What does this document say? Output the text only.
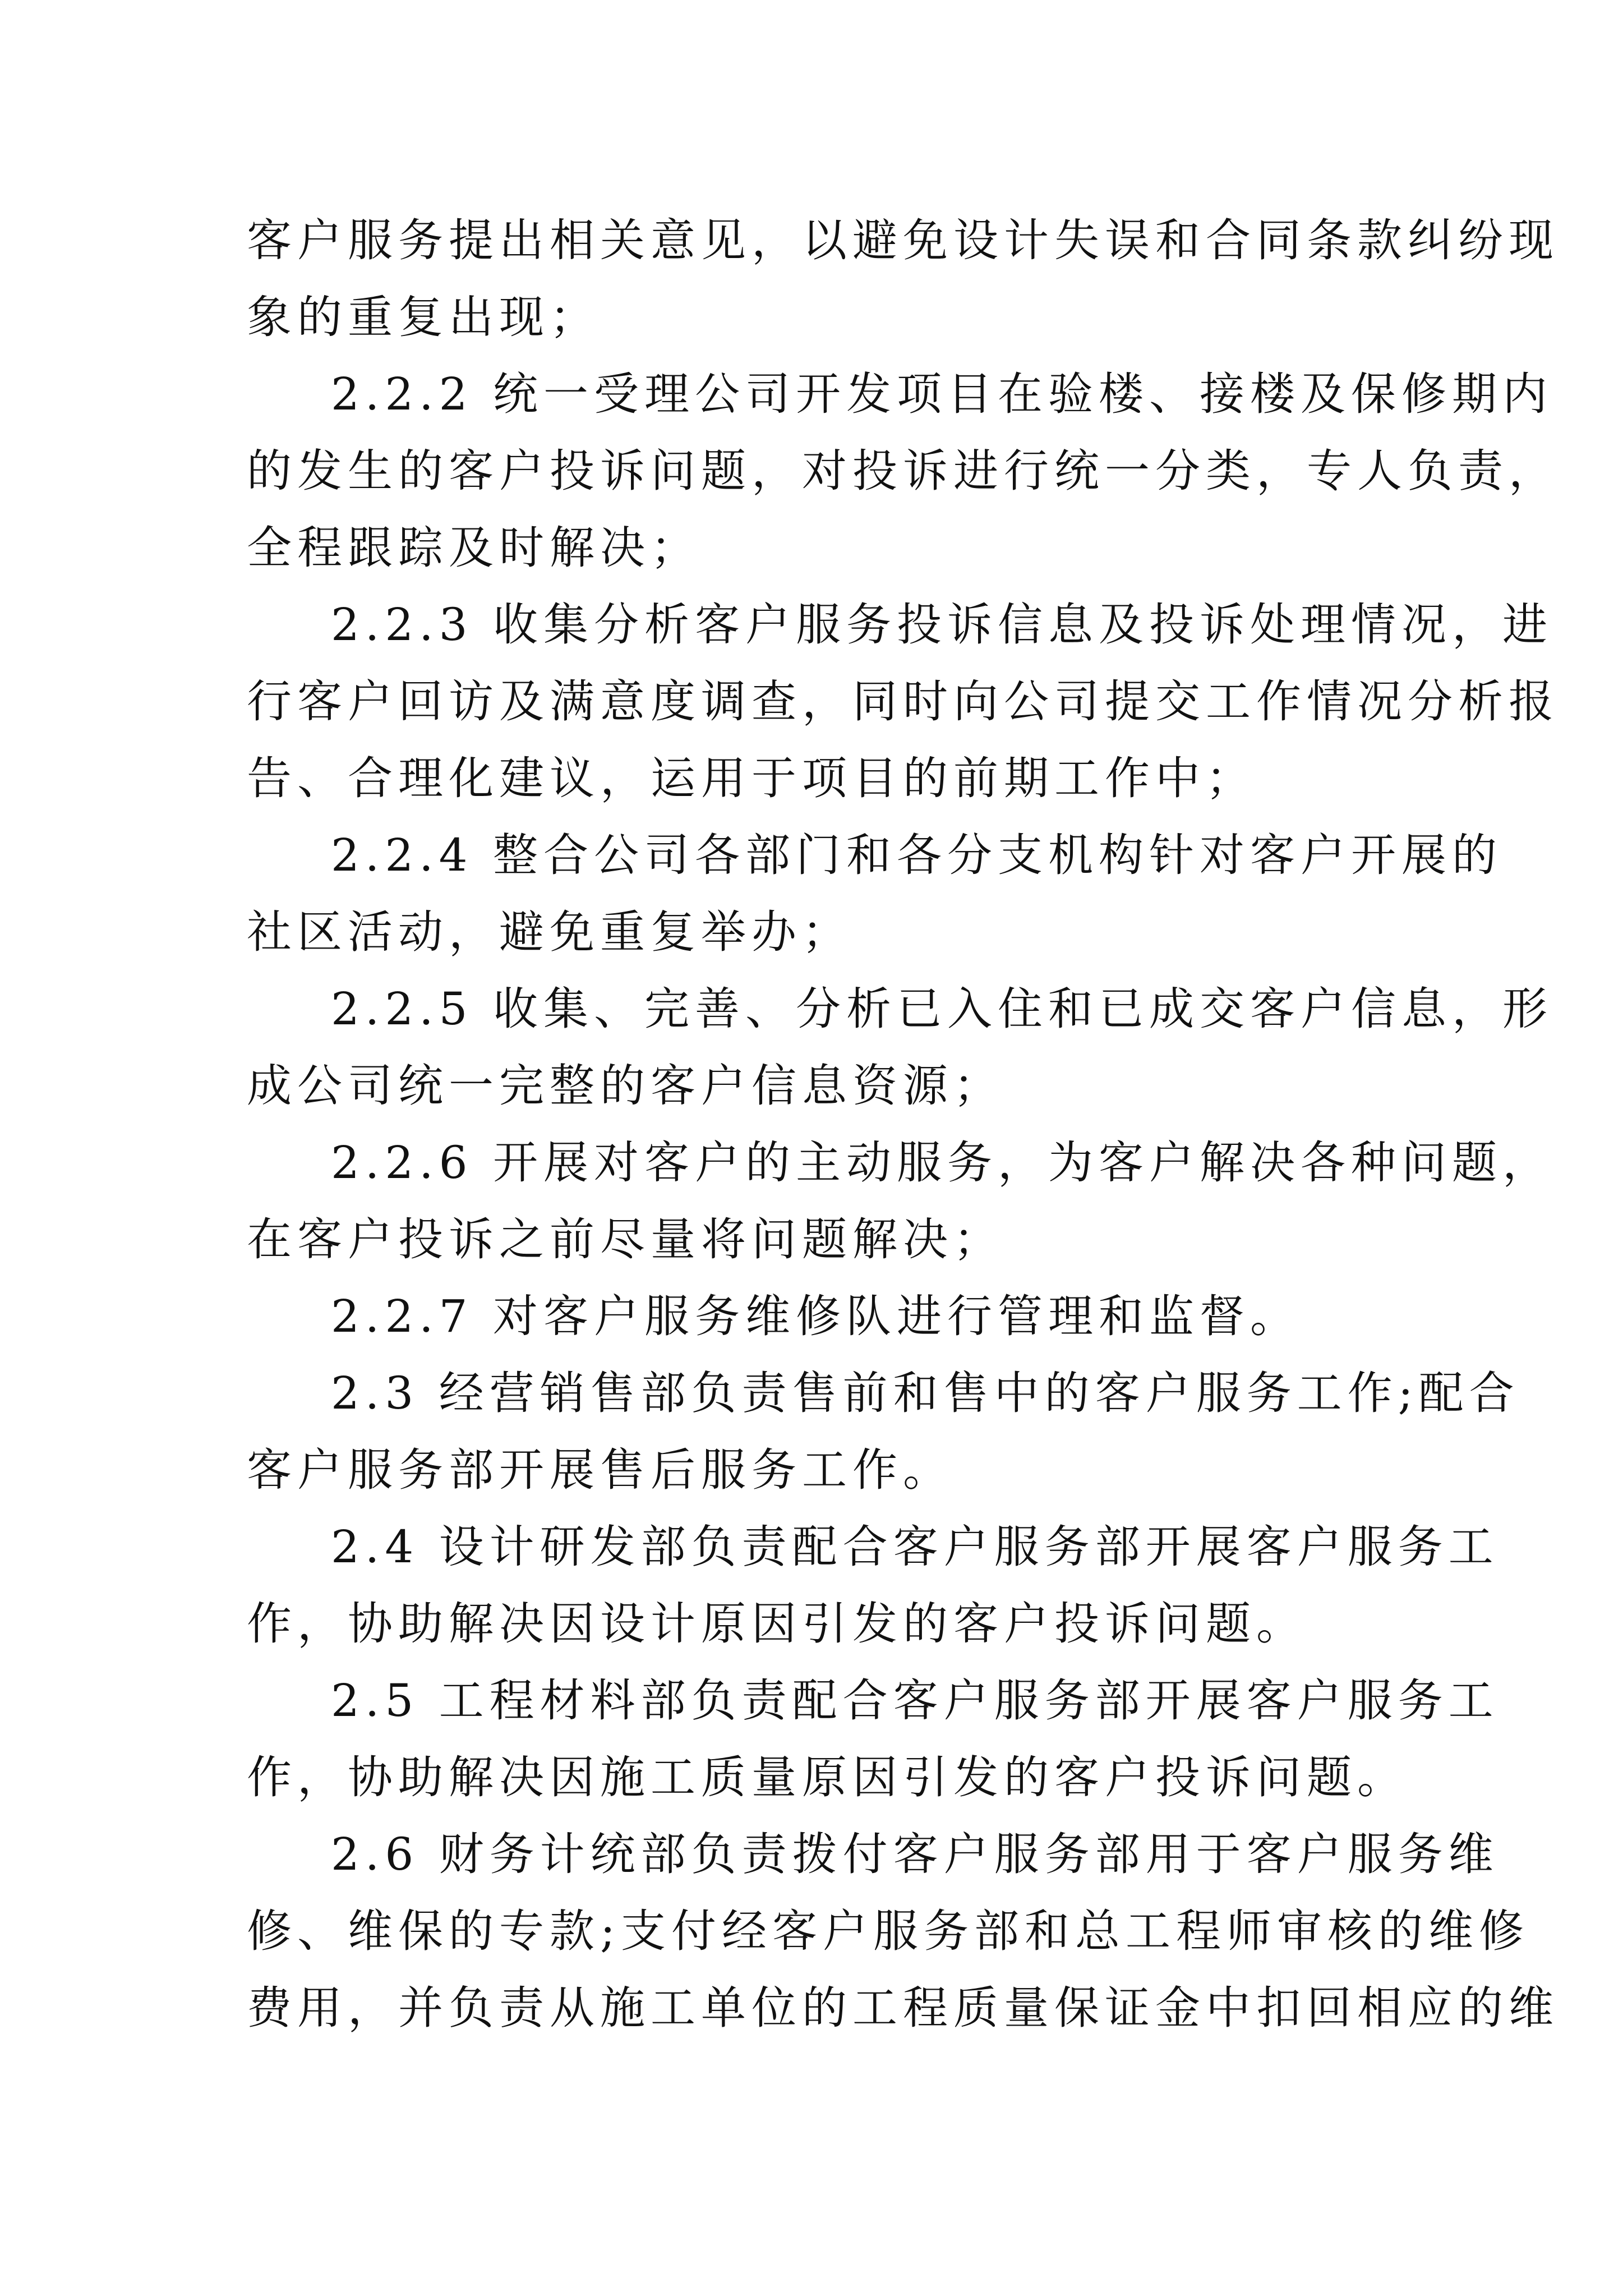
客户服务提出相关意见，以避免设计失误和合同条款纠纷现
象的重复出现；
2.2.2 统一受理公司开发项目在验楼、接楼及保修期内
的发生的客户投诉问题，对投诉进行统一分类，专人负责，
全程跟踪及时解决；
2.2.3 收集分析客户服务投诉信息及投诉处理情况，进
行客户回访及满意度调查，同时向公司提交工作情况分析报
告、合理化建议，运用于项目的前期工作中；
2.2.4 整合公司各部门和各分支机构针对客户开展的
社区活动，避免重复举办；
2.2.5 收集、完善、分析已入住和已成交客户信息，形
成公司统一完整的客户信息资源；
2.2.6 开展对客户的主动服务，为客户解决各种问题，
在客户投诉之前尽量将问题解决；
2.2.7 对客户服务维修队进行管理和监督。
2.3 经营销售部负责售前和售中的客户服务工作;配合
客户服务部开展售后服务工作。
2.4 设计研发部负责配合客户服务部开展客户服务工
作，协助解决因设计原因引发的客户投诉问题。
2.5 工程材料部负责配合客户服务部开展客户服务工
作，协助解决因施工质量原因引发的客户投诉问题。
2.6 财务计统部负责拨付客户服务部用于客户服务维
修、维保的专款;支付经客户服务部和总工程师审核的维修
费用，并负责从施工单位的工程质量保证金中扣回相应的维
